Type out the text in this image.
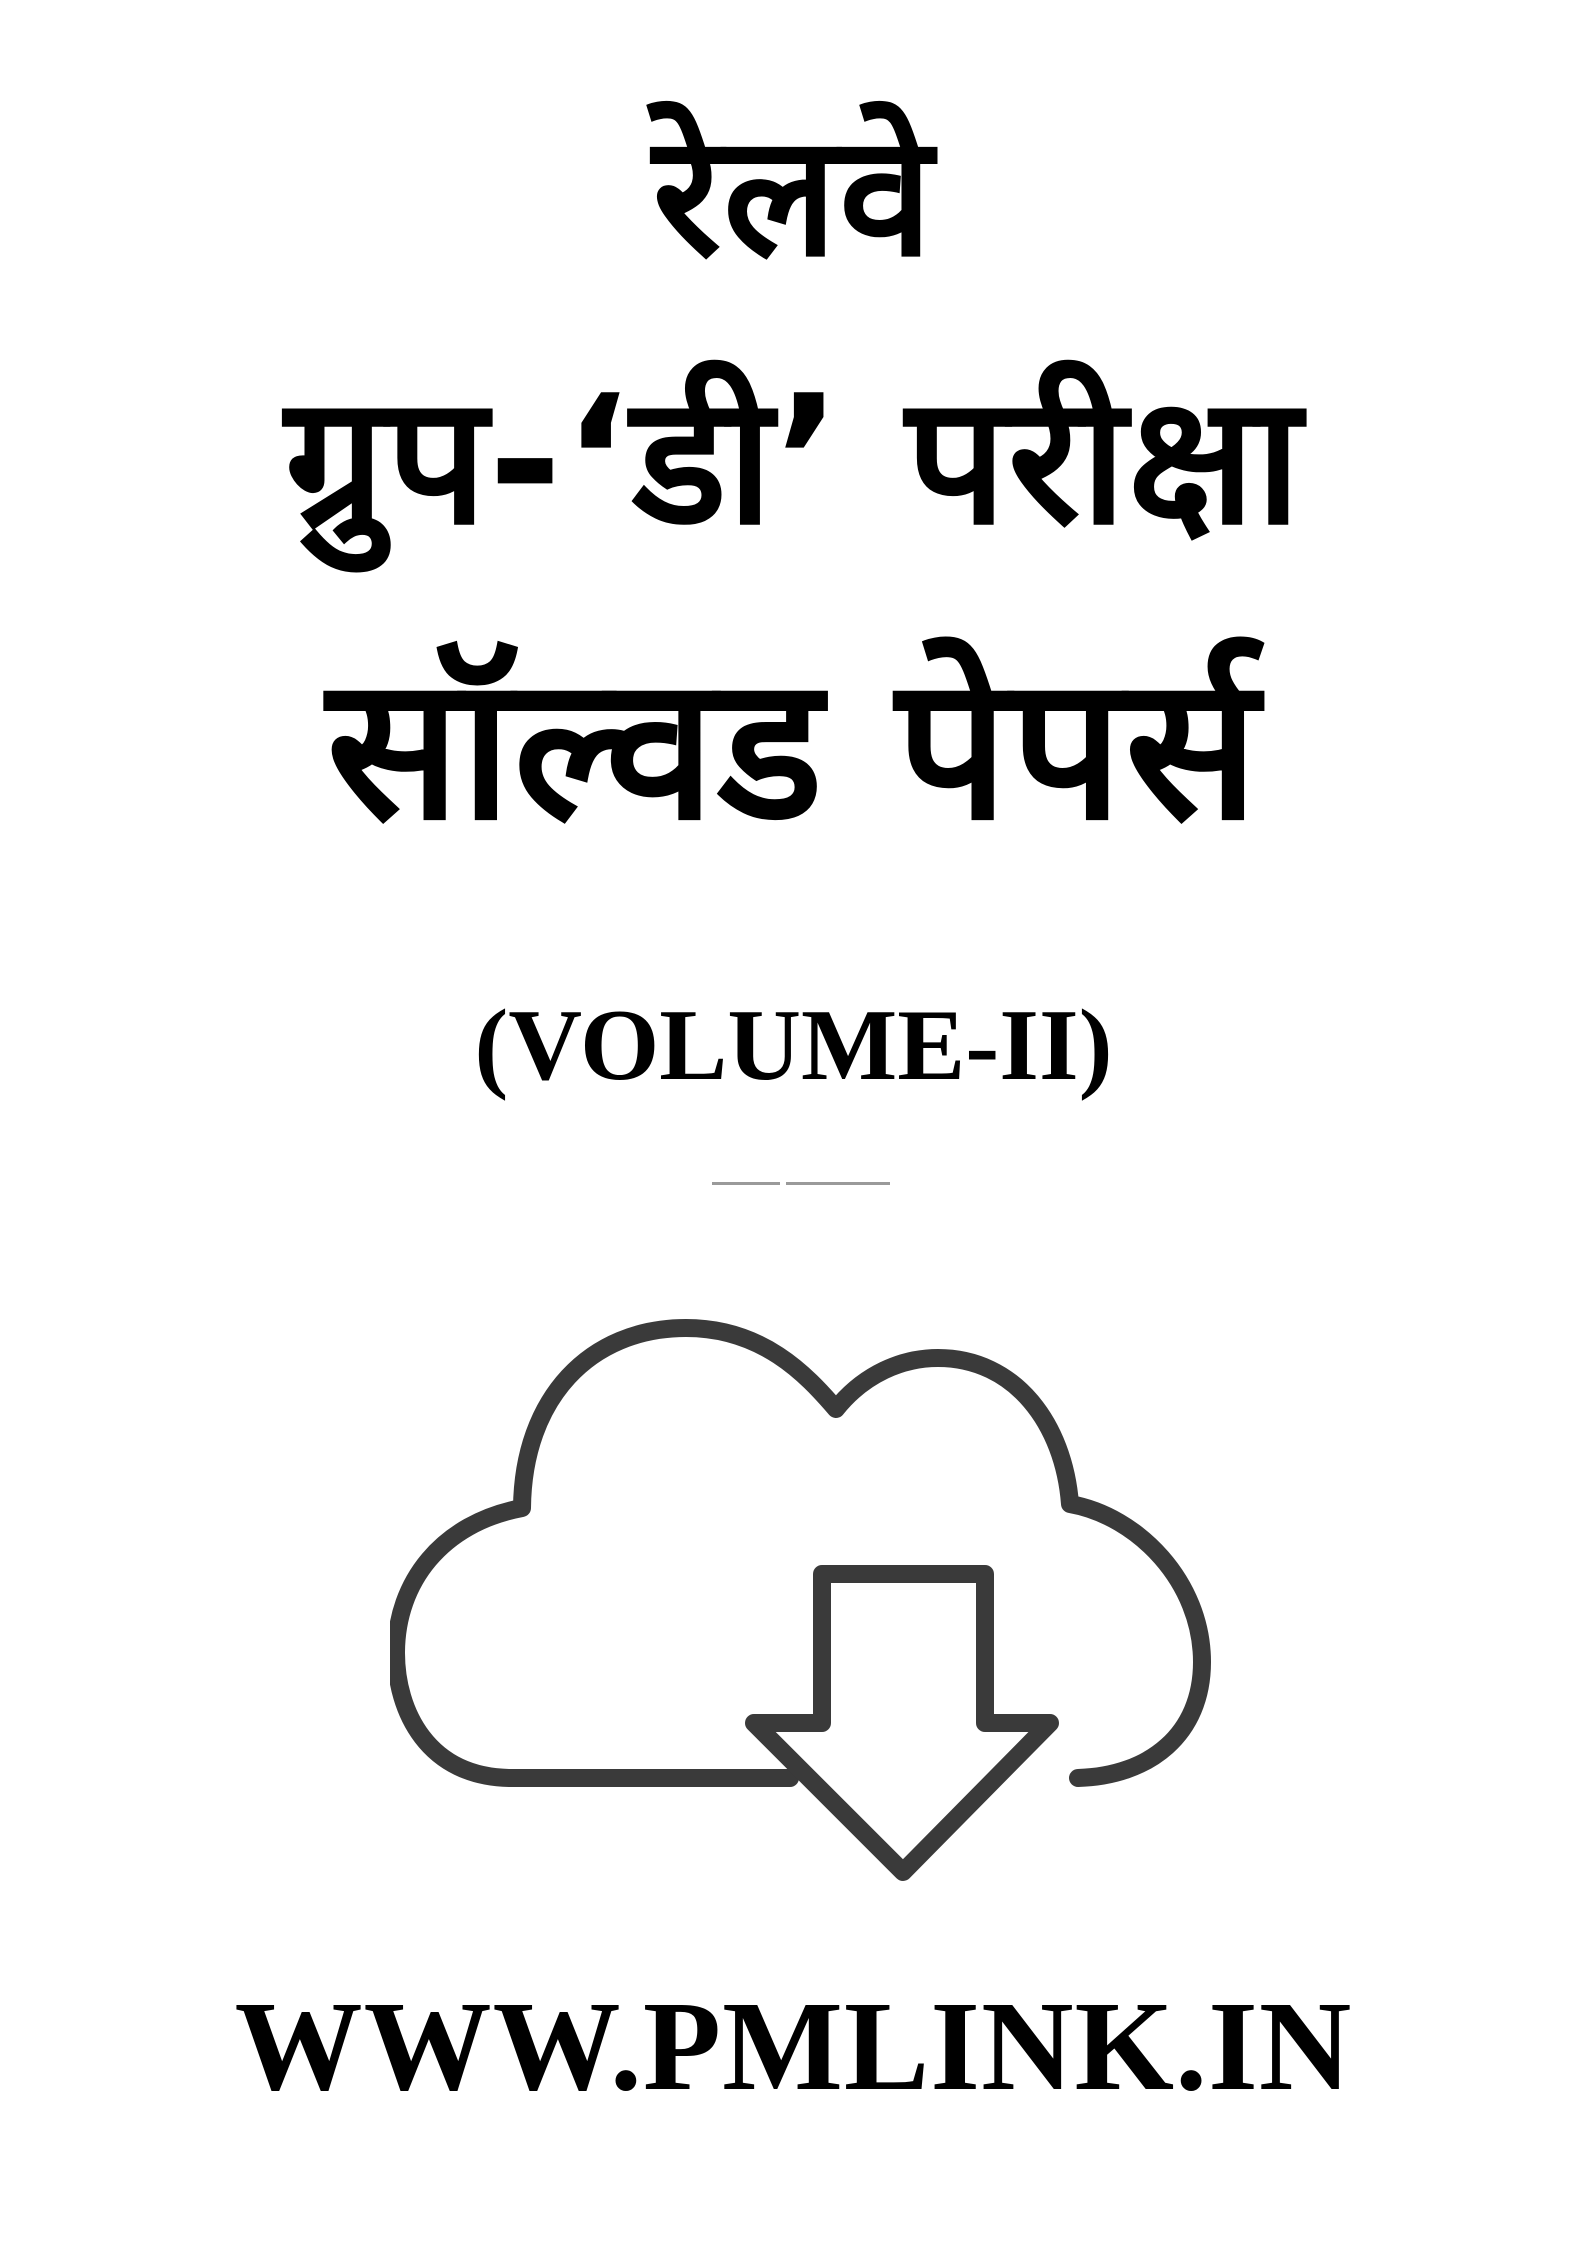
रेलवे
ग्रुप-‘डी’ परीक्षा
सॉल्वड पेपर्स
(VOLUME-II)
WWW.PMLINK.IN
